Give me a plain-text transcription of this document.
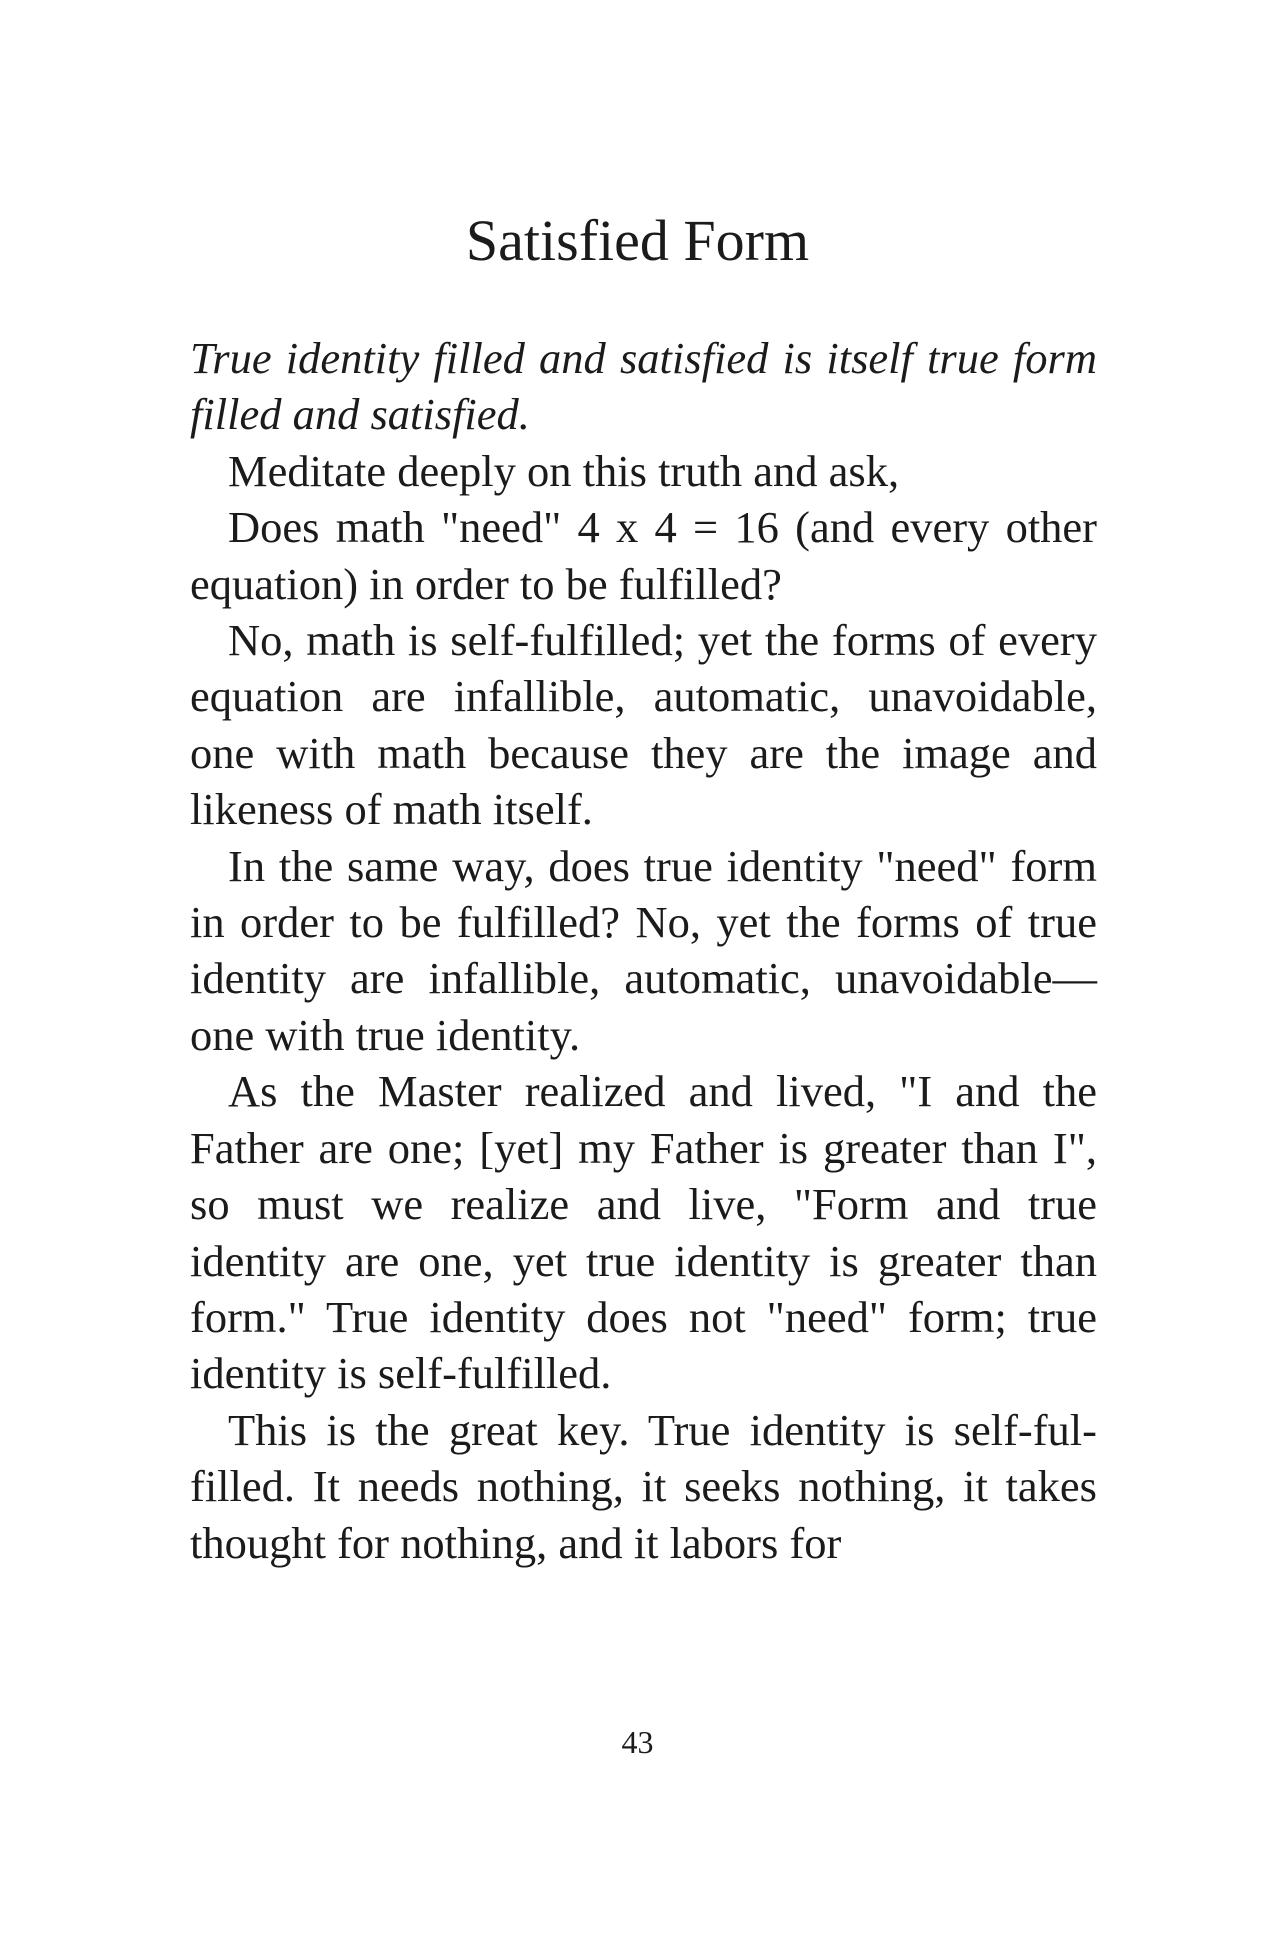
Satisfied Form

True identity filled and satisfied is itself true form filled and satisfied.

Meditate deeply on this truth and ask,

Does math "need" 4 x 4 = 16 (and every other equation) in order to be fulfilled?

No, math is self-fulfilled; yet the forms of every equation are infallible, automatic, unavoidable, one with math because they are the image and likeness of math itself.

In the same way, does true identity "need" form in order to be fulfilled? No, yet the forms of true identity are infallible, automatic, unavoidable—one with true identity.

As the Master realized and lived, "I and the Father are one; [yet] my Father is greater than I", so must we realize and live, "Form and true identity are one, yet true identity is greater than form." True identity does not "need" form; true identity is self-fulfilled.

This is the great key. True identity is self-fulfilled. It needs nothing, it seeks nothing, it takes thought for nothing, and it labors for

43
